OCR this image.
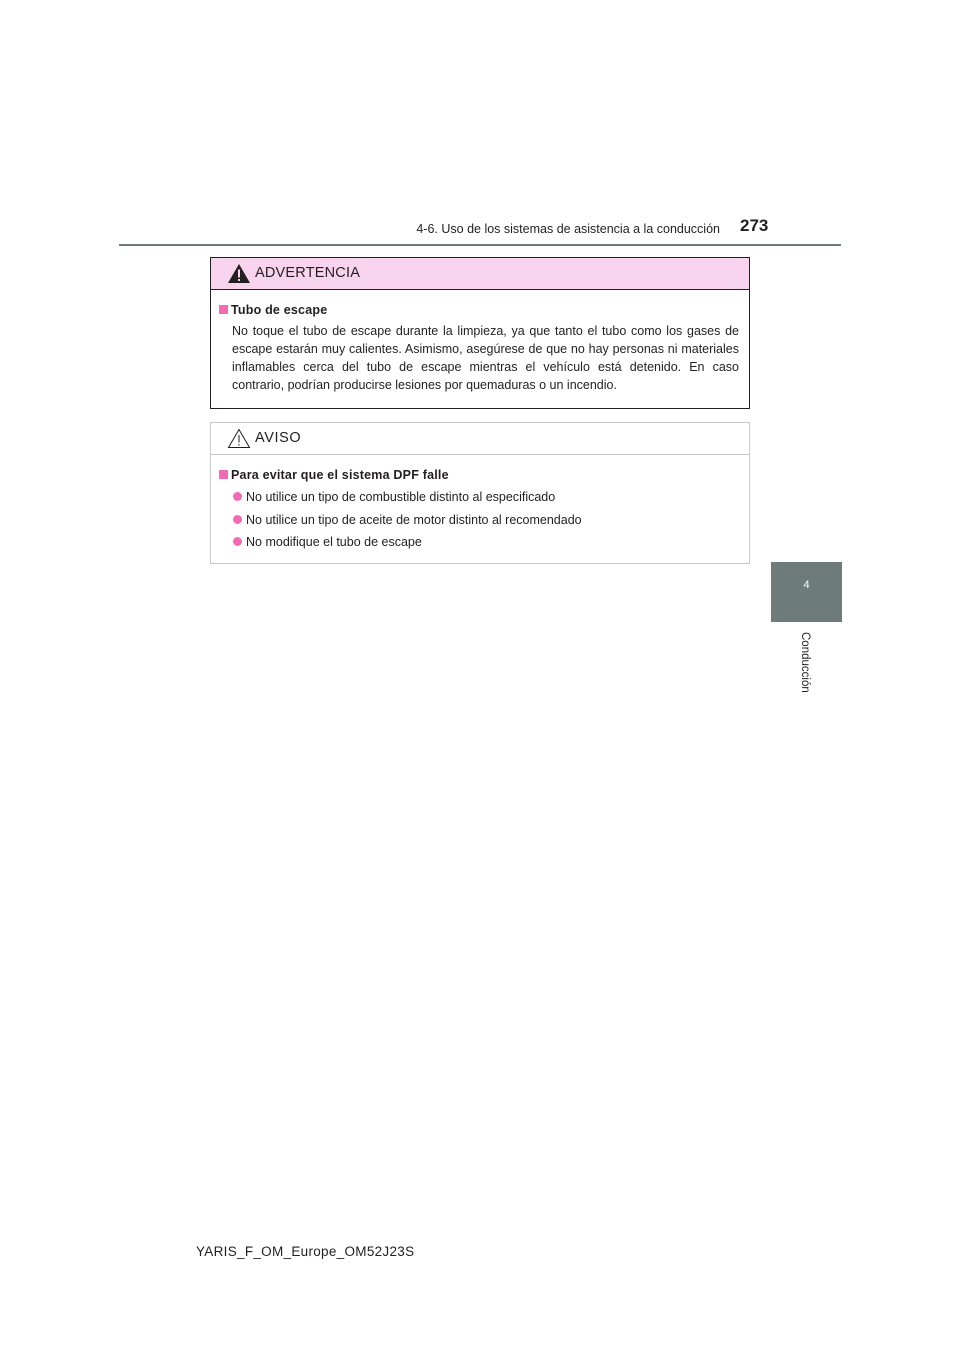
4-6. Uso de los sistemas de asistencia a la conducción 273
4
Conducción
ADVERTENCIA
Tubo de escape

No toque el tubo de escape durante la limpieza, ya que tanto el tubo como los gases de escape estarán muy calientes. Asimismo, asegúrese de que no hay personas ni materiales inflamables cerca del tubo de escape mientras el vehículo está detenido. En caso contrario, podrían producirse lesiones por quemaduras o un incendio.

AVISO
Para evitar que el sistema DPF falle
No utilice un tipo de combustible distinto al especificado
No utilice un tipo de aceite de motor distinto al recomendado
No modifique el tubo de escape
YARIS_F_OM_Europe_OM52J23S
